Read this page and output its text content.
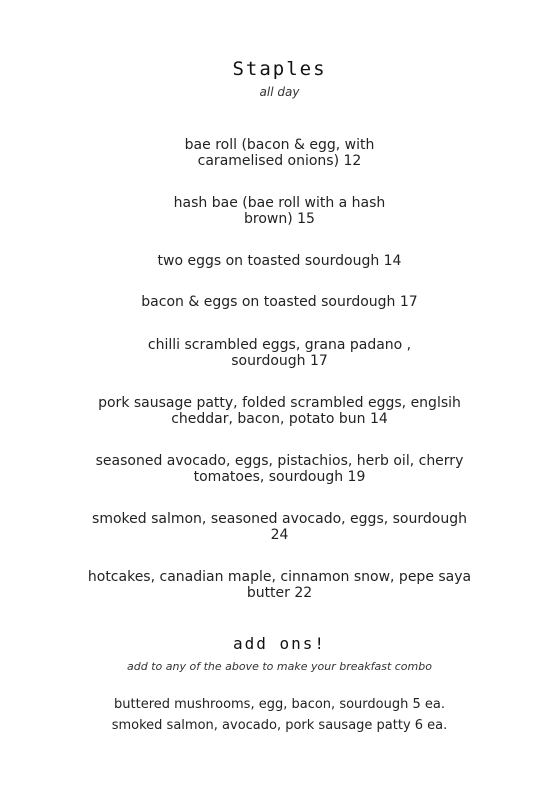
Staples
all day
bae roll (bacon & egg, with
caramelised onions) 12
hash bae (bae roll with a hash
brown) 15
two eggs on toasted sourdough 14
bacon & eggs on toasted sourdough 17
chilli scrambled eggs, grana padano ,
sourdough 17
pork sausage patty, folded scrambled eggs, englsih
cheddar, bacon, potato bun 14
seasoned avocado, eggs, pistachios, herb oil, cherry
tomatoes, sourdough 19
smoked salmon, seasoned avocado, eggs, sourdough
24
hotcakes, canadian maple, cinnamon snow, pepe saya
butter 22
add ons!
add to any of the above to make your breakfast combo
buttered mushrooms, egg, bacon, sourdough 5 ea.
smoked salmon, avocado, pork sausage patty 6 ea.
